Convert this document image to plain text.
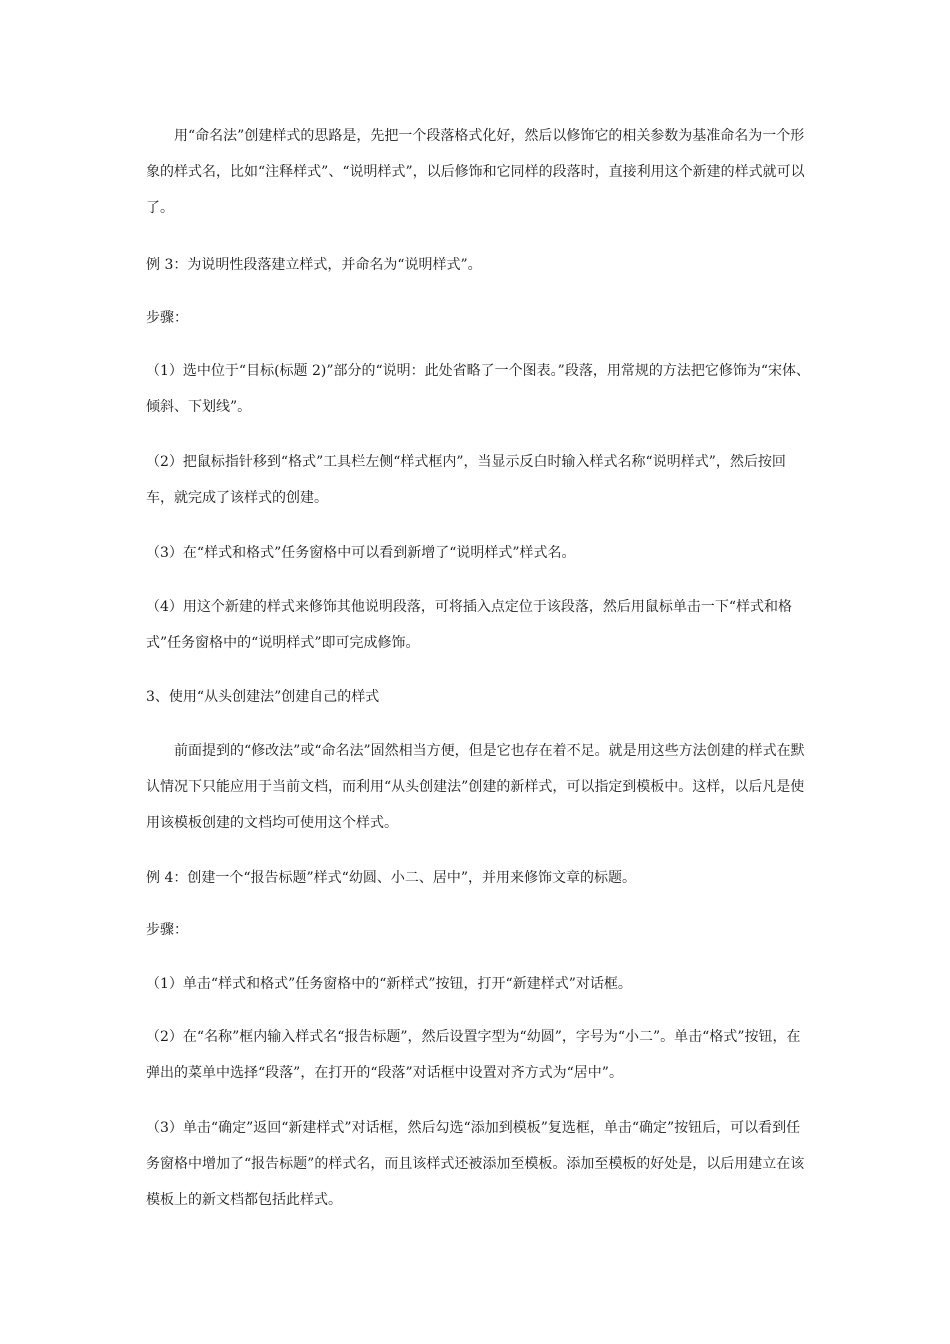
用“命名法”创建样式的思路是，先把一个段落格式化好，然后以修饰它的相关参数为基准命名为一个形象的样式名，比如“注释样式”、“说明样式”，以后修饰和它同样的段落时，直接利用这个新建的样式就可以了。

例 3：为说明性段落建立样式，并命名为“说明样式”。

步骤：

（1）选中位于“目标(标题 2)”部分的“说明：此处省略了一个图表。”段落，用常规的方法把它修饰为“宋体、倾斜、下划线”。

（2）把鼠标指针移到“格式”工具栏左侧“样式框内”，当显示反白时输入样式名称“说明样式”，然后按回车，就完成了该样式的创建。

（3）在“样式和格式”任务窗格中可以看到新增了“说明样式”样式名。

（4）用这个新建的样式来修饰其他说明段落，可将插入点定位于该段落，然后用鼠标单击一下“样式和格式”任务窗格中的“说明样式”即可完成修饰。

3、使用“从头创建法”创建自己的样式

前面提到的“修改法”或“命名法”固然相当方便，但是它也存在着不足。就是用这些方法创建的样式在默认情况下只能应用于当前文档，而利用“从头创建法”创建的新样式，可以指定到模板中。这样，以后凡是使用该模板创建的文档均可使用这个样式。

例 4：创建一个“报告标题”样式“幼圆、小二、居中”，并用来修饰文章的标题。

步骤：

（1）单击“样式和格式”任务窗格中的“新样式”按钮，打开“新建样式”对话框。

（2）在“名称”框内输入样式名“报告标题”，然后设置字型为“幼圆”，字号为“小二”。单击“格式”按钮，在弹出的菜单中选择“段落”，在打开的“段落”对话框中设置对齐方式为“居中”。

（3）单击“确定”返回“新建样式”对话框，然后勾选“添加到模板”复选框，单击“确定”按钮后，可以看到任务窗格中增加了“报告标题”的样式名，而且该样式还被添加至模板。添加至模板的好处是，以后用建立在该模板上的新文档都包括此样式。
